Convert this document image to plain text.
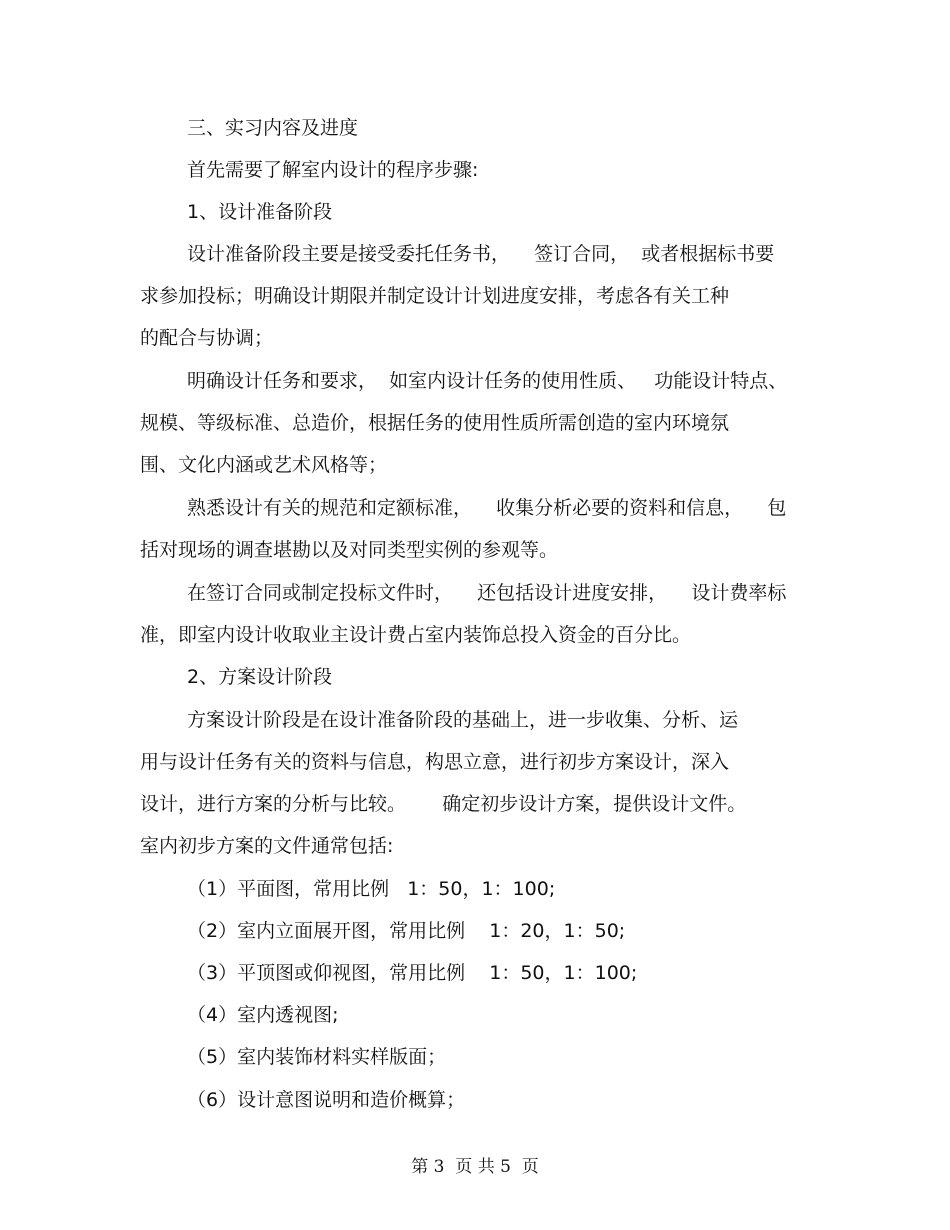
三、实习内容及进度
首先需要了解室内设计的程序步骤:
1、设计准备阶段
设计准备阶段主要是接受委托任务书，    签订合同，  或者根据标书要
求参加投标；明确设计期限并制定设计计划进度安排，考虑各有关工种
的配合与协调；
明确设计任务和要求，  如室内设计任务的使用性质、   功能设计特点、
规模、等级标准、总造价，根据任务的使用性质所需创造的室内环境氛
围、文化内涵或艺术风格等；
熟悉设计有关的规范和定额标准，    收集分析必要的资料和信息，    包
括对现场的调查堪勘以及对同类型实例的参观等。
在签订合同或制定投标文件时，    还包括设计进度安排，    设计费率标
准，即室内设计收取业主设计费占室内装饰总投入资金的百分比。
2、方案设计阶段
方案设计阶段是在设计准备阶段的基础上，进一步收集、分析、运
用与设计任务有关的资料与信息，构思立意，进行初步方案设计，深入
设计，进行方案的分析与比较。      确定初步设计方案，提供设计文件。
室内初步方案的文件通常包括:
（1）平面图，常用比例   1：50，1：100;
（2）室内立面展开图，常用比例    1：20，1：50;
（3）平顶图或仰视图，常用比例    1：50，1：100;
（4）室内透视图;
（5）室内装饰材料实样版面；
（6）设计意图说明和造价概算；
第 3  页 共 5  页
